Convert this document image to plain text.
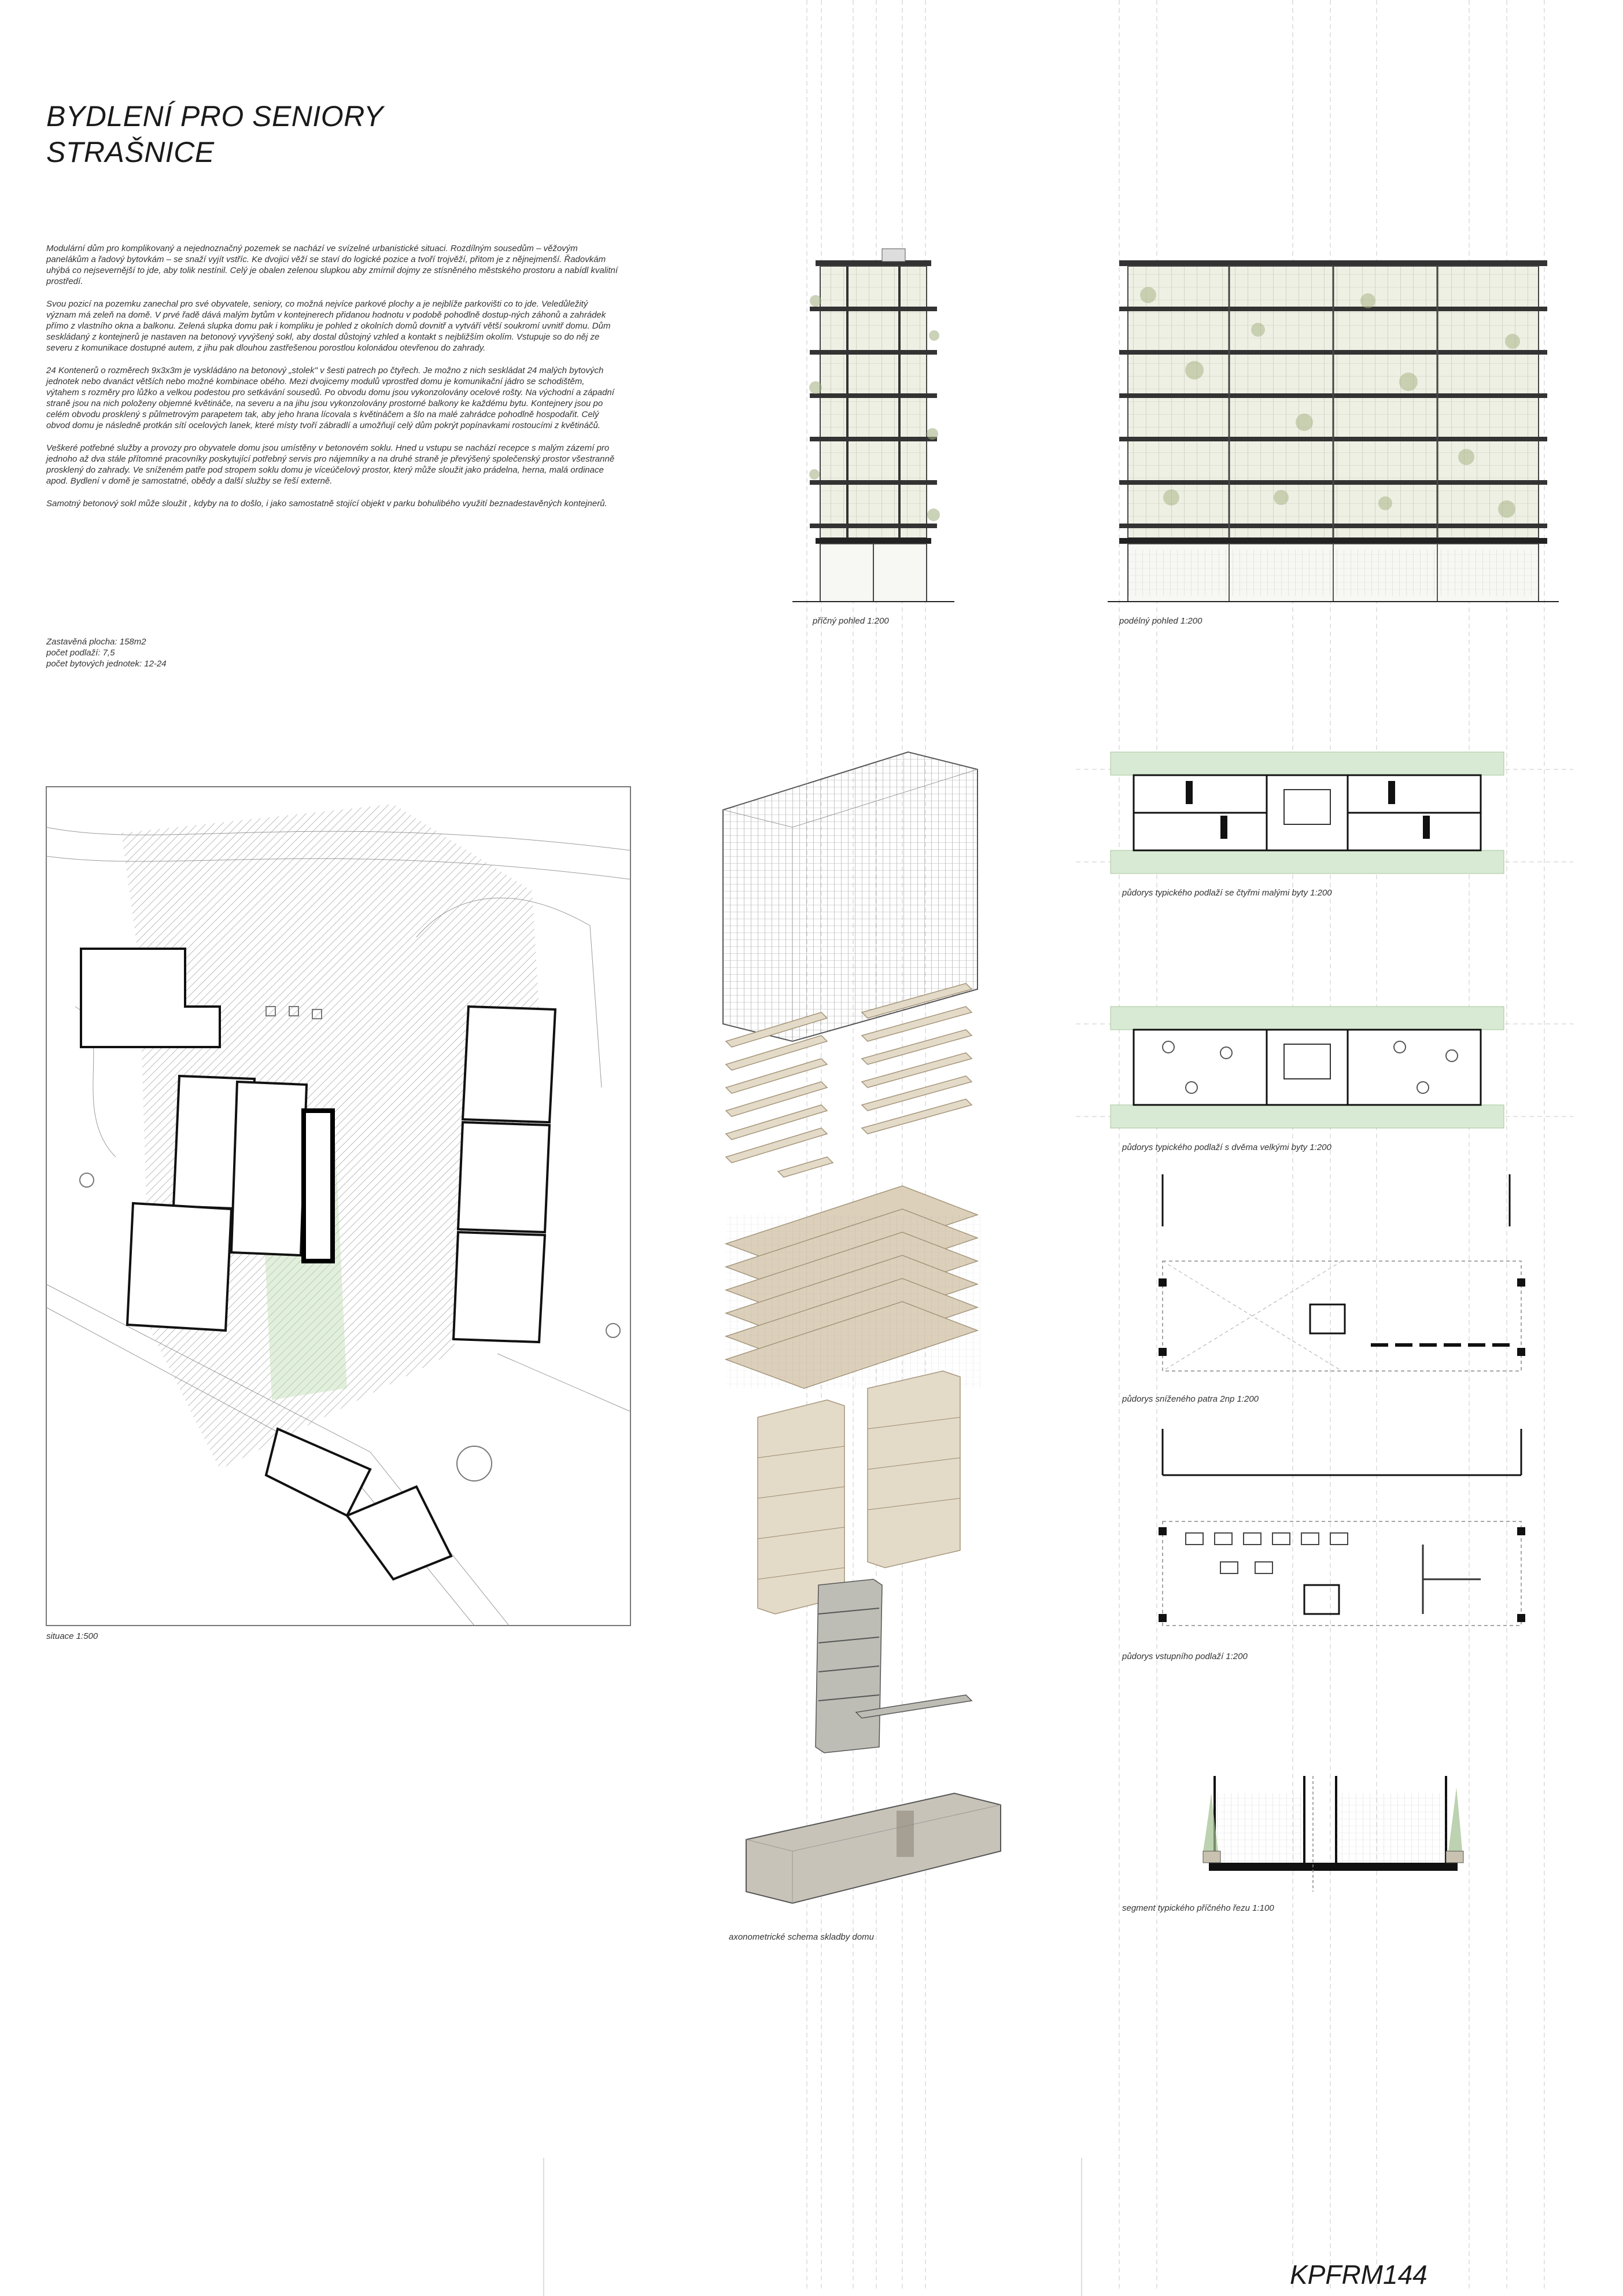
BYDLENÍ PRO SENIORY
STRAŠNICE

Modulární dům pro komplikovaný a nejednoznačný pozemek se nachází ve svízelné urbanistické situaci. Rozdílným sousedům – věžovým panelákům a řadový bytovkám – se snaží vyjít vstříc. Ke dvojici věží se staví do logické pozice a tvoří trojvěží, přitom je z nějnejmenší. Řadovkám uhýbá co nejsevernější to jde, aby tolik nestínil. Celý je obalen zelenou slupkou aby zmírnil dojmy ze stísněného městského prostoru a nabídl kvalitní prostředí.

Svou pozicí na pozemku zanechal pro své obyvatele, seniory, co možná nejvíce parkové plochy a je nejblíže parkovišti co to jde. Veledůležitý význam má zeleň na domě. V prvé řadě dává malým bytům v kontejnerech přidanou hodnotu v podobě pohodlně dostup-ných záhonů a zahrádek přímo z vlastního okna a balkonu. Zelená slupka domu pak i kompliku je pohled z okolních domů dovnitř a vytváří větší soukromí uvnitř domu. Dům seskládaný z kontejnerů je nastaven na betonový vyvýšený sokl, aby dostal důstojný vzhled a kontakt s nejbližším okolím. Vstupuje so do něj ze severu z komunikace dostupné autem, z jihu pak dlouhou zastřešenou porostlou kolonádou otevřenou do zahrady.

24 Kontenerů o rozměrech 9x3x3m je vyskládáno na betonový „stolek" v šesti patrech po čtyřech. Je možno z nich seskládat 24 malých bytových jednotek nebo dvanáct větších nebo možné kombinace obého. Mezi dvojicemy modulů vprostřed domu je komunikační jádro se schodištěm, výtahem s rozměry pro lůžko a velkou podestou pro setkávání sousedů. Po obvodu domu jsou vykonzolovány ocelové rošty. Na východní a západní straně jsou na nich položeny objemné květináče, na severu a na jihu jsou vykonzolovány prostorné balkony ke každému bytu. Kontejnery jsou po celém obvodu prosklený s půlmetrovým parapetem tak, aby jeho hrana lícovala s květináčem a šlo na malé zahrádce pohodlně hospodařit. Celý obvod domu je následně protkán sítí ocelových lanek, které místy tvoří zábradlí a umožňují celý dům pokrýt popínavkami rostoucími z květináčů.

Veškeré potřebné služby a provozy pro obyvatele domu jsou umístěny v betonovém soklu. Hned u vstupu se nachází recepce s malým zázemí pro jednoho až dva stále přítomné pracovníky poskytující potřebný servis pro nájemníky a na druhé straně je převýšený společenský prostor všestranně prosklený do zahrady. Ve sníženém patře pod stropem soklu domu je víceúčelový prostor, který může sloužit jako prádelna, herna, malá ordinace apod. Bydlení v domě je samostatné, obědy a další služby se řeší externě.

Samotný betonový sokl může sloužit , kdyby na to došlo, i jako samostatně stojící objekt v parku bohulibého využití beznadestavěných kontejnerů.

Zastavěná plocha: 158m2
počet podlaží: 7,5
počet bytových jednotek: 12-24
příčný pohled 1:200	podélný pohled 1:200
situace 1:500
axonometrické schema skladby domu
půdorys typického podlaží se čtyřmi malými byty 1:200
půdorys typického podlaží s dvěma velkými byty 1:200
půdorys sníženého patra 2np 1:200
půdorys vstupního podlaží 1:200
segment typického příčného řezu 1:100
KPFRM144
